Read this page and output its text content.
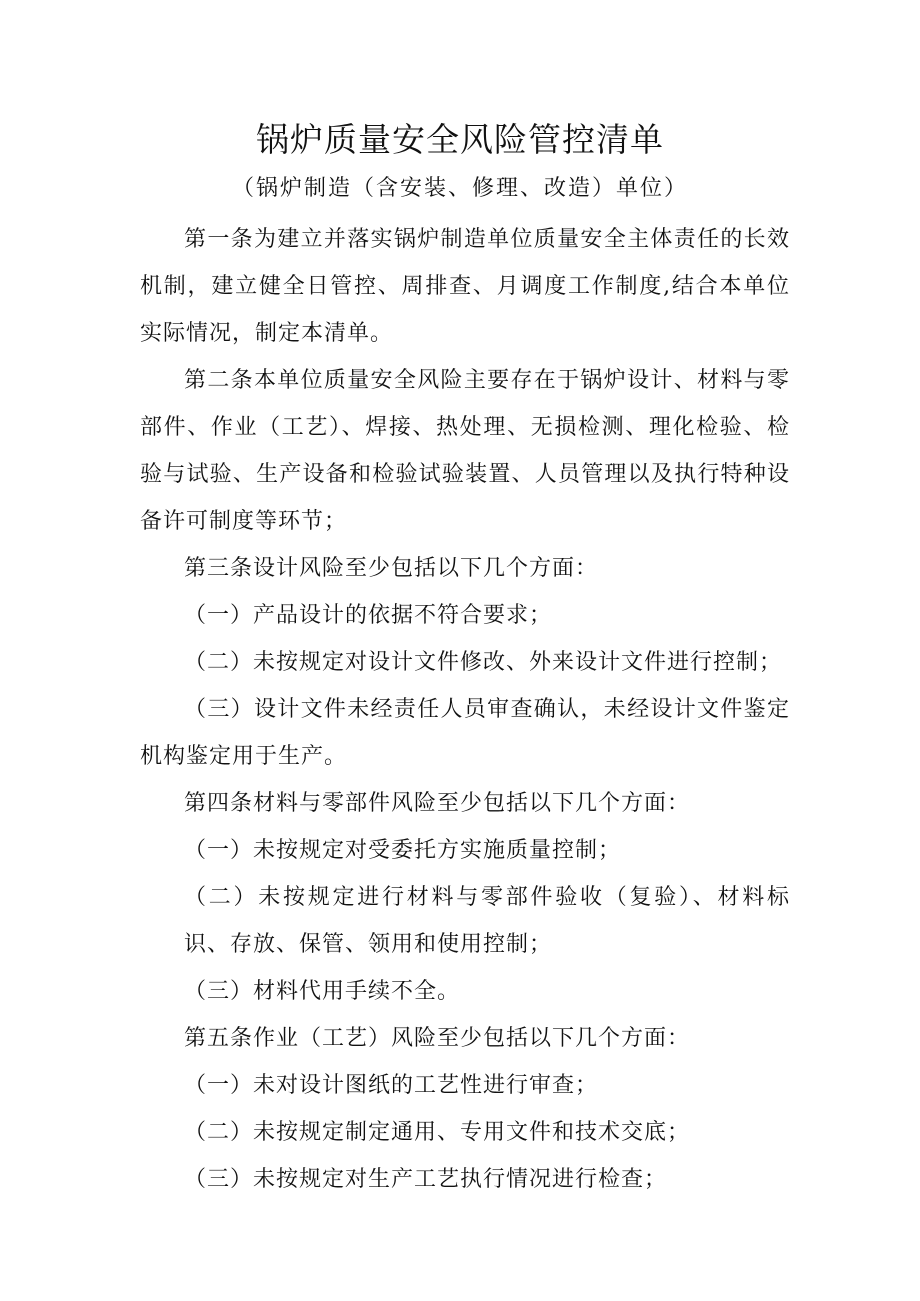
锅炉质量安全风险管控清单
（锅炉制造（含安装、修理、改造）单位）

第一条为建立并落实锅炉制造单位质量安全主体责任的长效机制，建立健全日管控、周排查、月调度工作制度,结合本单位实际情况，制定本清单。

第二条本单位质量安全风险主要存在于锅炉设计、材料与零部件、作业（工艺）、焊接、热处理、无损检测、理化检验、检验与试验、生产设备和检验试验装置、人员管理以及执行特种设备许可制度等环节；

第三条设计风险至少包括以下几个方面：

（一）产品设计的依据不符合要求；

（二）未按规定对设计文件修改、外来设计文件进行控制；

（三）设计文件未经责任人员审查确认，未经设计文件鉴定机构鉴定用于生产。

第四条材料与零部件风险至少包括以下几个方面：

（一）未按规定对受委托方实施质量控制；

（二）未按规定进行材料与零部件验收（复验）、材料标识、存放、保管、领用和使用控制；

（三）材料代用手续不全。

第五条作业（工艺）风险至少包括以下几个方面：

（一）未对设计图纸的工艺性进行审查；

（二）未按规定制定通用、专用文件和技术交底；

（三）未按规定对生产工艺执行情况进行检查；
